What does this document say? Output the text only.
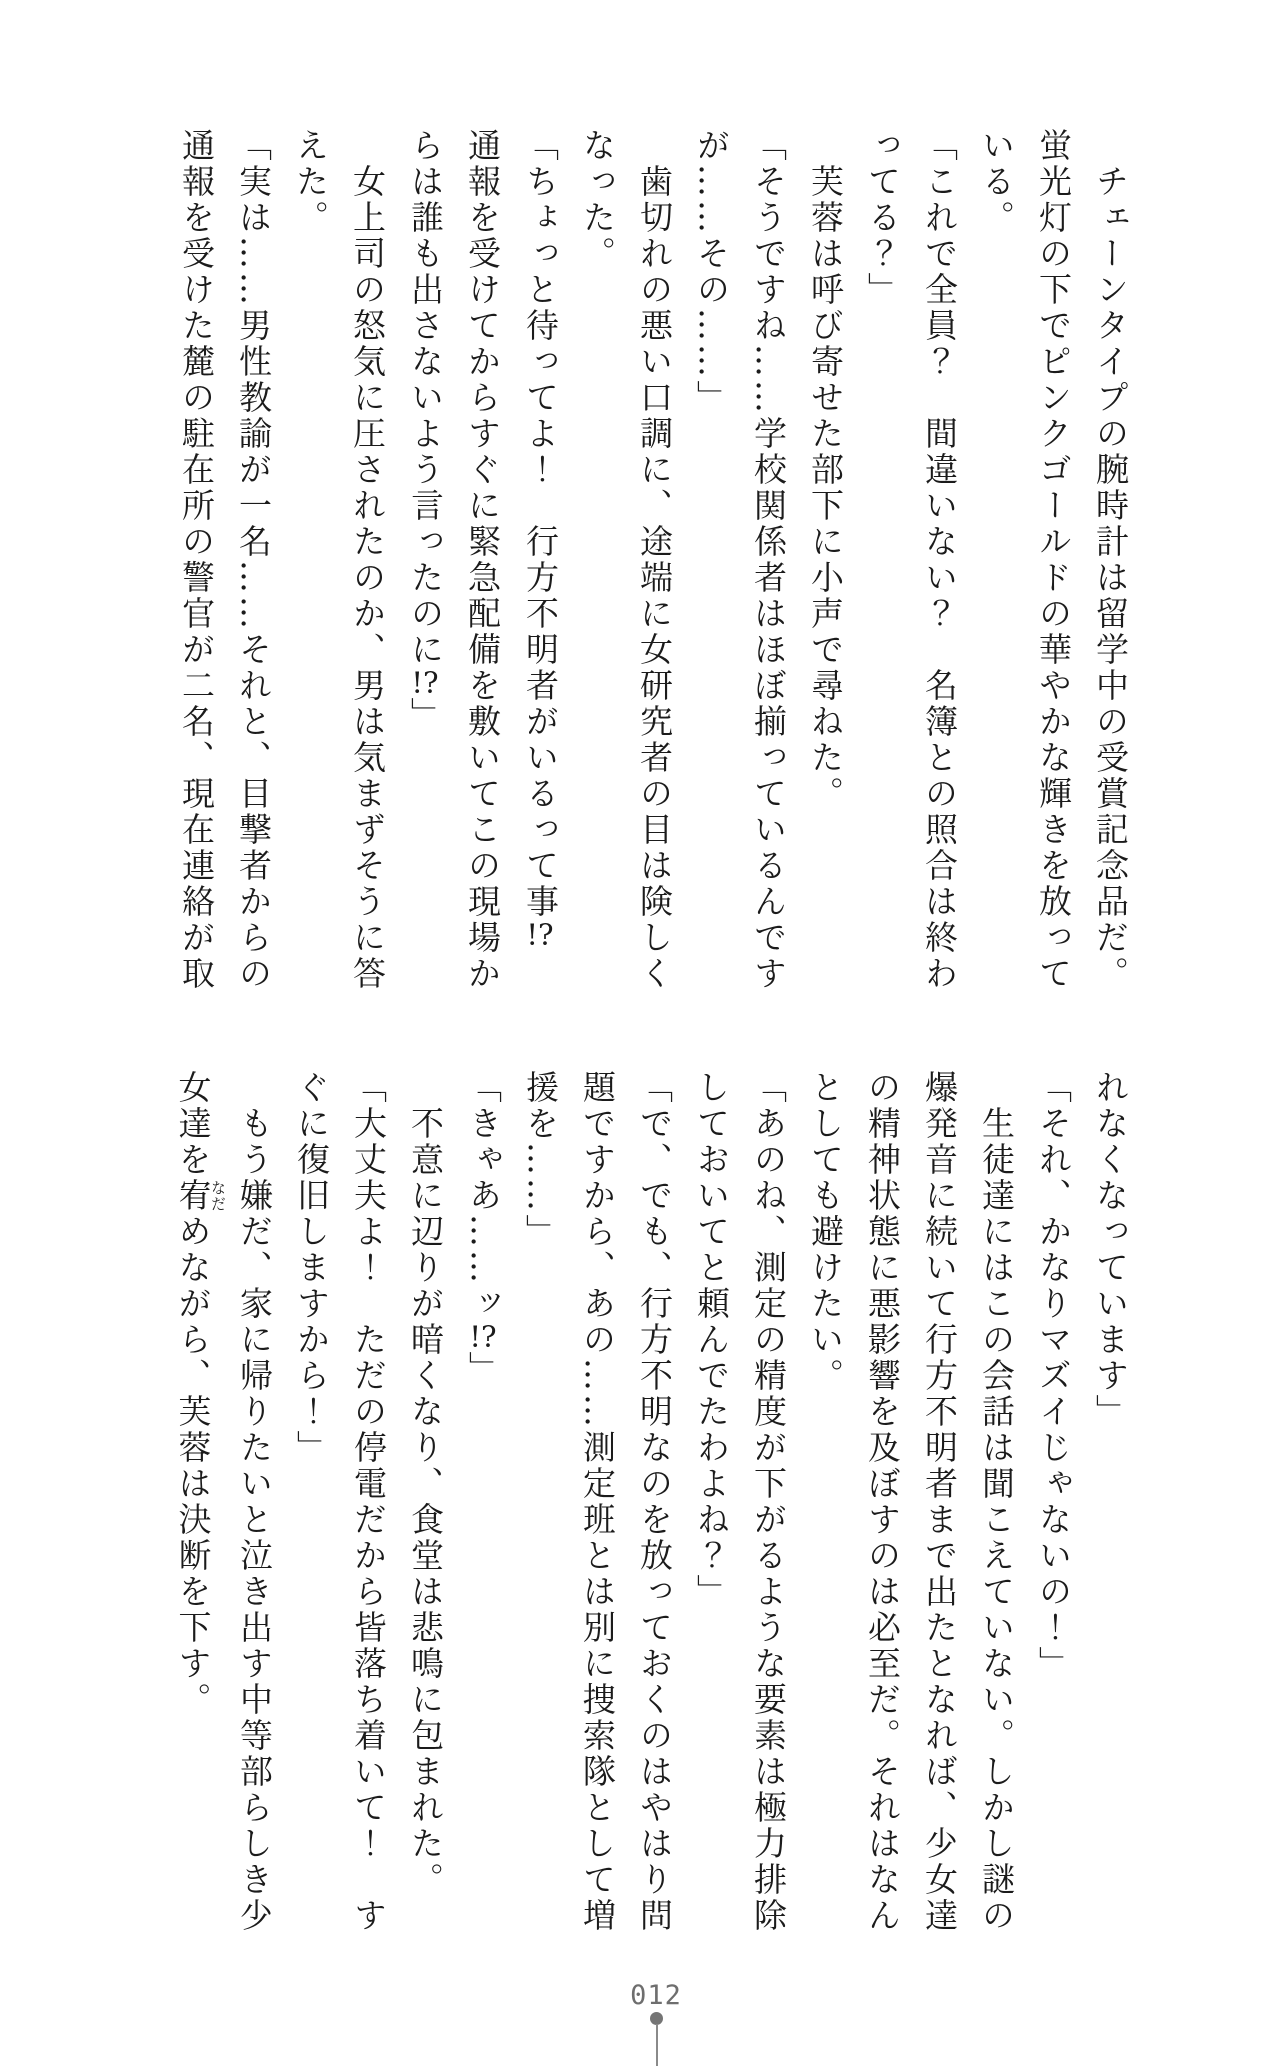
　チェーンタイプの腕時計は留学中の受賞記念品だ。

蛍光灯の下でピンクゴールドの華やかな輝きを放って

いる。

「これで全員？　間違いない？　名簿との照合は終わ

ってる？」

　芙蓉は呼び寄せた部下に小声で尋ねた。

「そうですね……学校関係者はほぼ揃っているんです

が……その……」

　歯切れの悪い口調に、途端に女研究者の目は険しく

なった。

「ちょっと待ってよ！　行方不明者がいるって事!?

通報を受けてからすぐに緊急配備を敷いてこの現場か

らは誰も出さないよう言ったのに!?」

　女上司の怒気に圧されたのか、男は気まずそうに答

えた。

「実は……男性教諭が一名……それと、目撃者からの

通報を受けた麓の駐在所の警官が二名、現在連絡が取

れなくなっています」

「それ、かなりマズイじゃないの！」

　生徒達にはこの会話は聞こえていない。しかし謎の

爆発音に続いて行方不明者まで出たとなれば、少女達

の精神状態に悪影響を及ぼすのは必至だ。それはなん

としても避けたい。

「あのね、測定の精度が下がるような要素は極力排除

しておいてと頼んでたわよね？」

「で、でも、行方不明なのを放っておくのはやはり問

題ですから、あの……測定班とは別に捜索隊として増

援を……」

「きゃあ……ッ!?」

　不意に辺りが暗くなり、食堂は悲鳴に包まれた。

「大丈夫よ！　ただの停電だから皆落ち着いて！　す

ぐに復旧しますから！」

　もう嫌だ、家に帰りたいと泣き出す中等部らしき少

女達を宥なだめながら、芙蓉は決断を下す。

012
